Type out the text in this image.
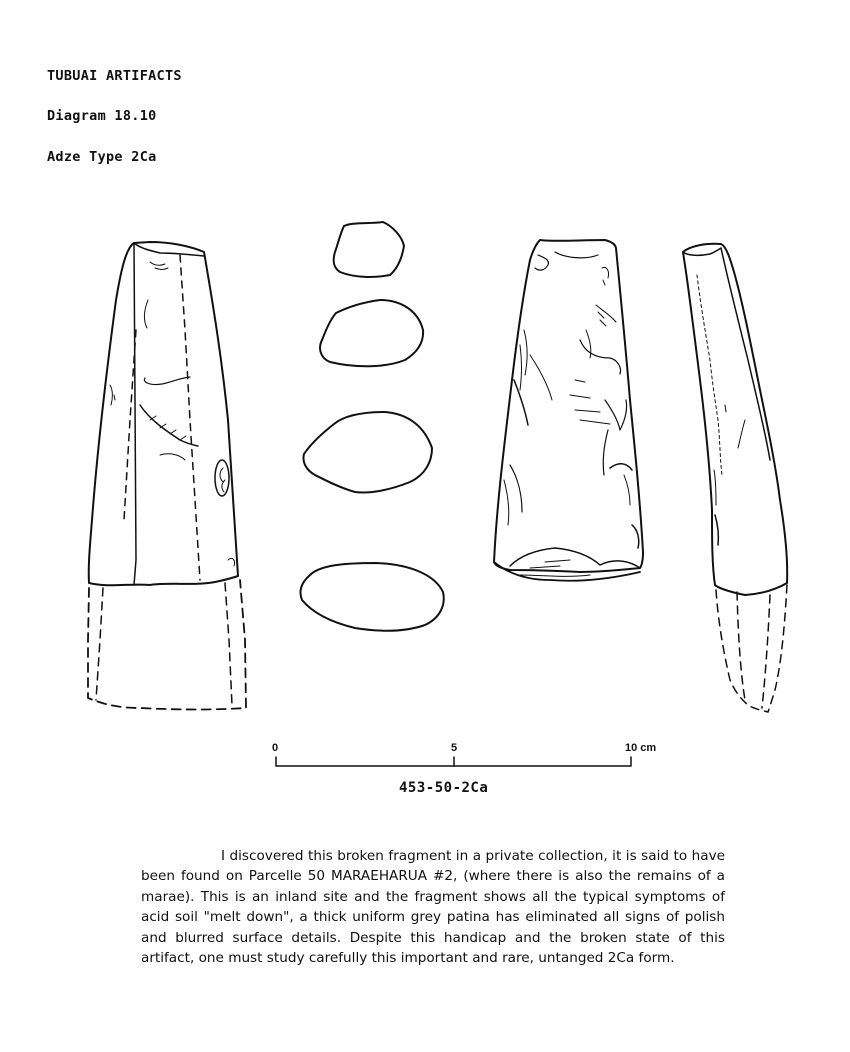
TUBUAI ARTIFACTS
Diagram 18.10
Adze Type 2Ca
0	5	10 cm
453-50-2Ca

I discovered this broken fragment in a private collection, it is said to have been found on Parcelle 50 MARAEHARUA #2, (where there is also the remains of a marae). This is an inland site and the fragment shows all the typical symptoms of acid soil "melt down", a thick uniform grey patina has eliminated all signs of polish and blurred surface details. Despite this handicap and the broken state of this artifact, one must study carefully this important and rare, untanged 2Ca form.
